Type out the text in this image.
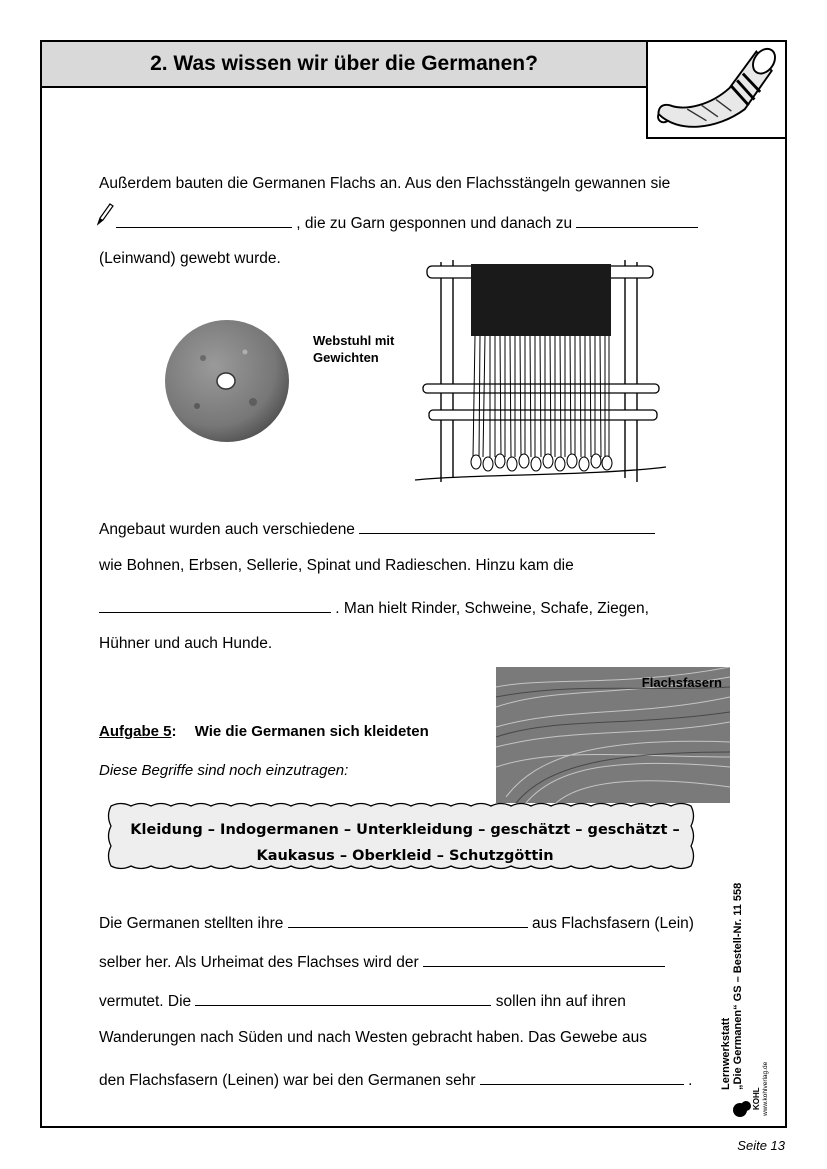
2. Was wissen wir über die Germanen?
Außerdem bauten die Germanen Flachs an. Aus den Flachsstängeln gewannen sie
, die zu Garn gesponnen und danach zu
(Leinwand) gewebt wurde.
Webstuhl mit
Gewichten
Angebaut wurden auch verschiedene
wie Bohnen, Erbsen, Sellerie, Spinat und Radieschen. Hinzu kam die
. Man hielt Rinder, Schweine, Schafe, Ziegen,
Hühner und auch Hunde.
Flachsfasern
Aufgabe 5: Wie die Germanen sich kleideten
Diese Begriffe sind noch einzutragen:
Kleidung – Indogermanen – Unterkleidung – geschätzt – geschätzt –
Kaukasus – Oberkleid – Schutzgöttin
Die Germanen stellten ihre	aus Flachsfasern (Lein)
selber her. Als Urheimat des Flachses wird der
vermutet. Die	sollen ihn auf ihren
Wanderungen nach Süden und nach Westen gebracht haben. Das Gewebe aus
den Flachsfasern (Leinen) war bei den Germanen sehr	.	Lernwerkstatt „Die Germanen“ GS – Bestell-Nr. 11 558
KOHL www.kohlverlag.de
Seite 13
